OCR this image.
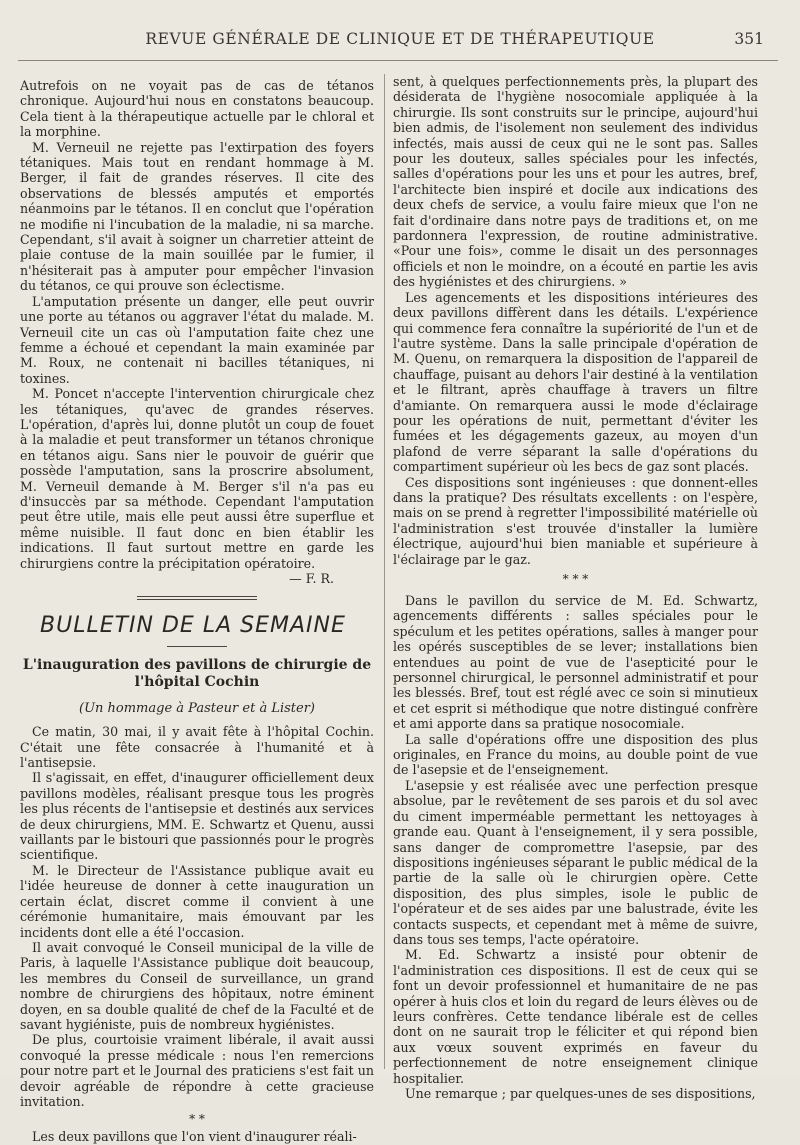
REVUE GÉNÉRALE DE CLINIQUE ET DE THÉRAPEUTIQUE	351

Autrefois on ne voyait pas de cas de tétanos chronique. Aujourd'hui nous en constatons beaucoup. Cela tient à la thérapeutique actuelle par le chloral et la morphine.

M. Verneuil ne rejette pas l'extirpation des foyers tétaniques. Mais tout en rendant hommage à M. Berger, il fait de grandes réserves. Il cite des observations de blessés amputés et emportés néanmoins par le tétanos. Il en conclut que l'opération ne modifie ni l'incubation de la maladie, ni sa marche. Cependant, s'il avait à soigner un charretier atteint de plaie contuse de la main souillée par le fumier, il n'hésiterait pas à amputer pour empêcher l'invasion du tétanos, ce qui prouve son éclectisme.

L'amputation présente un danger, elle peut ouvrir une porte au tétanos ou aggraver l'état du malade. M. Verneuil cite un cas où l'amputation faite chez une femme a échoué et cependant la main examinée par M. Roux, ne contenait ni bacilles tétaniques, ni toxines.

M. Poncet n'accepte l'intervention chirurgicale chez les tétaniques, qu'avec de grandes réserves. L'opération, d'après lui, donne plutôt un coup de fouet à la maladie et peut transformer un tétanos chronique en tétanos aigu. Sans nier le pouvoir de guérir que possède l'amputation, sans la proscrire absolument, M. Verneuil demande à M. Berger s'il n'a pas eu d'insuccès par sa méthode. Cependant l'amputation peut être utile, mais elle peut aussi être superflue et même nuisible. Il faut donc en bien établir les indications. Il faut surtout mettre en garde les chirurgiens contre la précipitation opératoire.

— F. R.

BULLETIN DE LA SEMAINE
L'inauguration des pavillons de chirurgie de l'hôpital Cochin
(Un hommage à Pasteur et à Lister)

Ce matin, 30 mai, il y avait fête à l'hôpital Cochin. C'était une fête consacrée à l'humanité et à l'antisepsie.

Il s'agissait, en effet, d'inaugurer officiellement deux pavillons modèles, réalisant presque tous les progrès les plus récents de l'antisepsie et destinés aux services de deux chirurgiens, MM. E. Schwartz et Quenu, aussi vaillants par le bistouri que passionnés pour le progrès scientifique.

M. le Directeur de l'Assistance publique avait eu l'idée heureuse de donner à cette inauguration un certain éclat, discret comme il convient à une cérémonie humanitaire, mais émouvant par les incidents dont elle a été l'occasion.

Il avait convoqué le Conseil municipal de la ville de Paris, à laquelle l'Assistance publique doit beaucoup, les membres du Conseil de surveillance, un grand nombre de chirurgiens des hôpitaux, notre éminent doyen, en sa double qualité de chef de la Faculté et de savant hygiéniste, puis de nombreux hygiénistes.

De plus, courtoisie vraiment libérale, il avait aussi convoqué la presse médicale : nous l'en remercions pour notre part et le Journal des praticiens s'est fait un devoir agréable de répondre à cette gracieuse invitation.

* *

Les deux pavillons que l'on vient d'inaugurer réali-

sent, à quelques perfectionnements près, la plupart des désiderata de l'hygiène nosocomiale appliquée à la chirurgie. Ils sont construits sur le principe, aujourd'hui bien admis, de l'isolement non seulement des individus infectés, mais aussi de ceux qui ne le sont pas. Salles pour les douteux, salles spéciales pour les infectés, salles d'opérations pour les uns et pour les autres, bref, l'architecte bien inspiré et docile aux indications des deux chefs de service, a voulu faire mieux que l'on ne fait d'ordinaire dans notre pays de traditions et, on me pardonnera l'expression, de routine administrative. «Pour une fois», comme le disait un des personnages officiels et non le moindre, on a écouté en partie les avis des hygiénistes et des chirurgiens. »

Les agencements et les dispositions intérieures des deux pavillons diffèrent dans les détails. L'expérience qui commence fera connaître la supériorité de l'un et de l'autre système. Dans la salle principale d'opération de M. Quenu, on remarquera la disposition de l'appareil de chauffage, puisant au dehors l'air destiné à la ventilation et le filtrant, après chauffage à travers un filtre d'amiante. On remarquera aussi le mode d'éclairage pour les opérations de nuit, permettant d'éviter les fumées et les dégagements gazeux, au moyen d'un plafond de verre séparant la salle d'opérations du compartiment supérieur où les becs de gaz sont placés.

Ces dispositions sont ingénieuses : que donnent-elles dans la pratique? Des résultats excellents : on l'espère, mais on se prend à regretter l'impossibilité matérielle où l'administration s'est trouvée d'installer la lumière électrique, aujourd'hui bien maniable et supérieure à l'éclairage par le gaz.

* * *

Dans le pavillon du service de M. Ed. Schwartz, agencements différents : salles spéciales pour le spéculum et les petites opérations, salles à manger pour les opérés susceptibles de se lever; installations bien entendues au point de vue de l'asepticité pour le personnel chirurgical, le personnel administratif et pour les blessés. Bref, tout est réglé avec ce soin si minutieux et cet esprit si méthodique que notre distingué confrère et ami apporte dans sa pratique nosocomiale.

La salle d'opérations offre une disposition des plus originales, en France du moins, au double point de vue de l'asepsie et de l'enseignement.

L'asepsie y est réalisée avec une perfection presque absolue, par le revêtement de ses parois et du sol avec du ciment imperméable permettant les nettoyages à grande eau. Quant à l'enseignement, il y sera possible, sans danger de compromettre l'asepsie, par des dispositions ingénieuses séparant le public médical de la partie de la salle où le chirurgien opère. Cette disposition, des plus simples, isole le public de l'opérateur et de ses aides par une balustrade, évite les contacts suspects, et cependant met à même de suivre, dans tous ses temps, l'acte opératoire.

M. Ed. Schwartz a insisté pour obtenir de l'administration ces dispositions. Il est de ceux qui se font un devoir professionnel et humanitaire de ne pas opérer à huis clos et loin du regard de leurs élèves ou de leurs confrères. Cette tendance libérale est de celles dont on ne saurait trop le féliciter et qui répond bien aux vœux souvent exprimés en faveur du perfectionnement de notre enseignement clinique hospitalier.

Une remarque ; par quelques-unes de ses dispositions,
